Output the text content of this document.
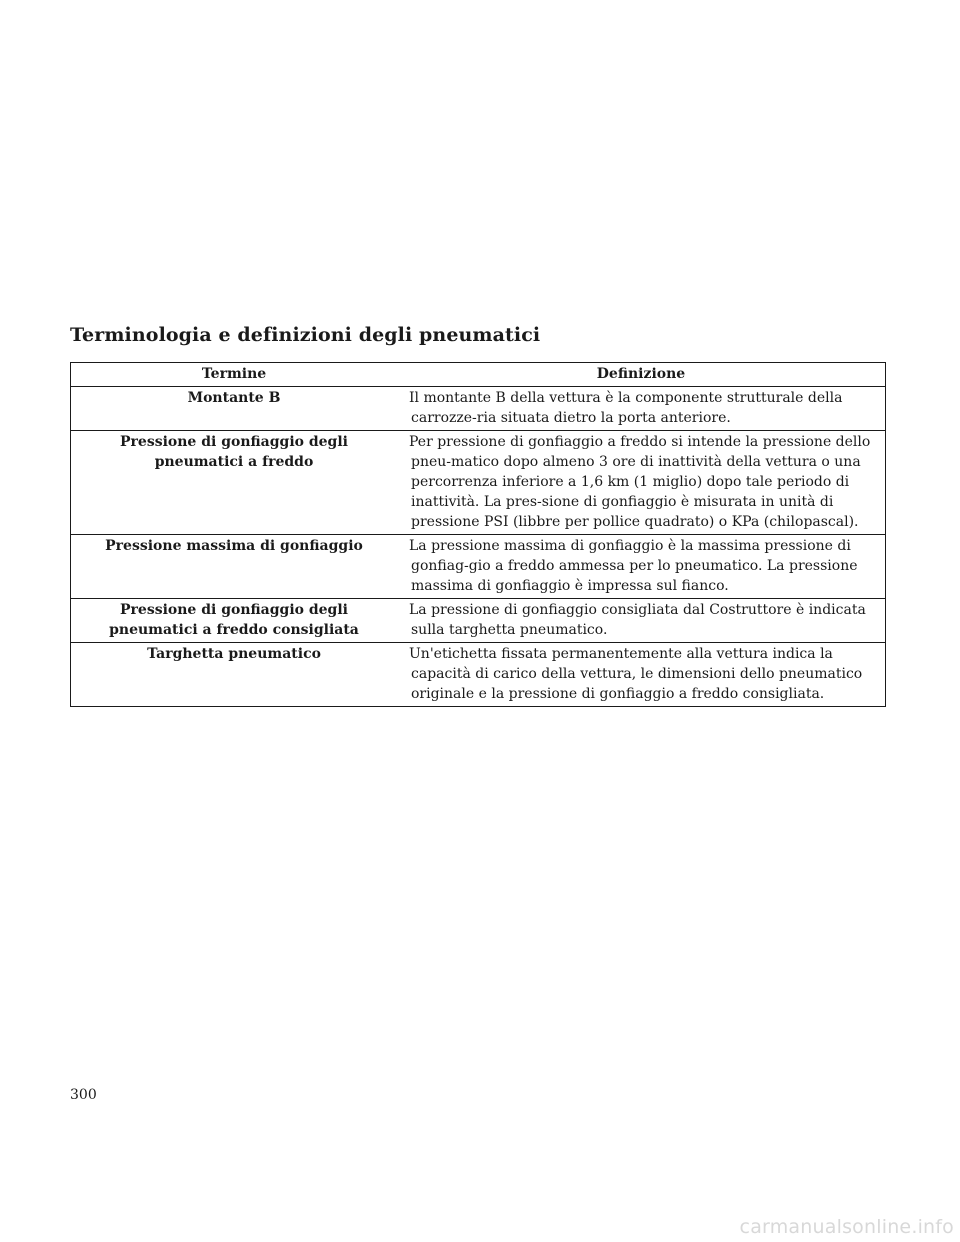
Terminologia e definizioni degli pneumatici
Termine	Definizione
Montante B	Il montante B della vettura è la componente strutturale della carrozze-ria situata dietro la porta anteriore.
Pressione di gonfiaggio degli pneumatici a freddo	Per pressione di gonfiaggio a freddo si intende la pressione dello pneu-matico dopo almeno 3 ore di inattività della vettura o una percorrenza inferiore a 1,6 km (1 miglio) dopo tale periodo di inattività. La pres-sione di gonfiaggio è misurata in unità di pressione PSI (libbre per pollice quadrato) o KPa (chilopascal).
Pressione massima di gonfiaggio	La pressione massima di gonfiaggio è la massima pressione di gonfiag-gio a freddo ammessa per lo pneumatico. La pressione massima di gonfiaggio è impressa sul fianco.
Pressione di gonfiaggio degli pneumatici a freddo consigliata	La pressione di gonfiaggio consigliata dal Costruttore è indicata sulla targhetta pneumatico.
Targhetta pneumatico	Un'etichetta fissata permanentemente alla vettura indica la capacità di carico della vettura, le dimensioni dello pneumatico originale e la pressione di gonfiaggio a freddo consigliata.
300
carmanualsonline.info
